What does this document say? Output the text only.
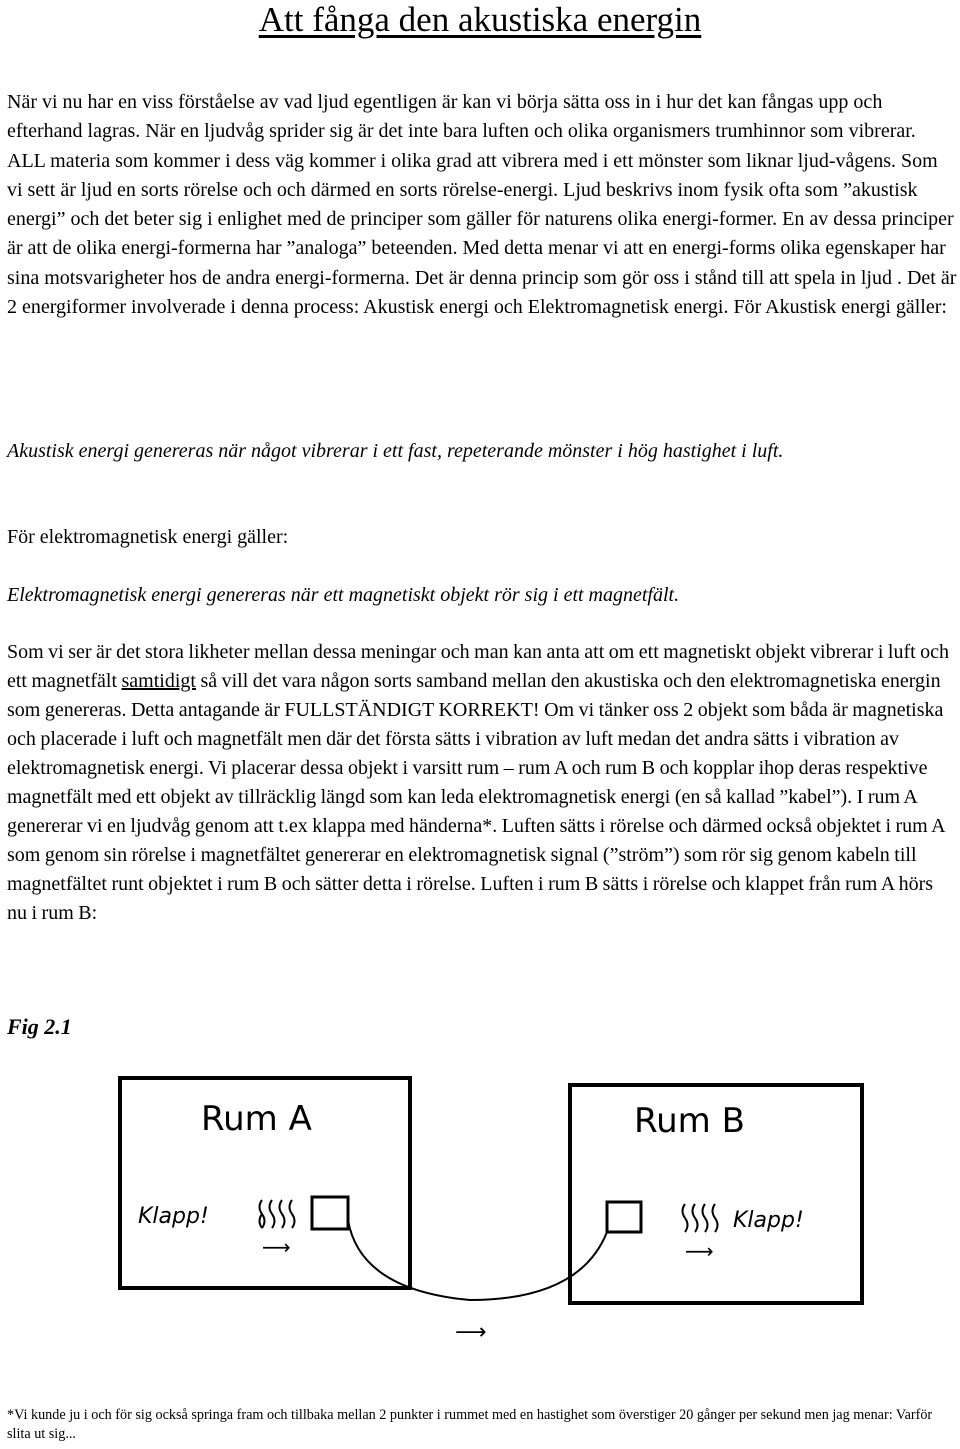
Att fånga den akustiska energin

När vi nu har en viss förståelse av vad ljud egentligen är kan vi börja sätta oss in i hur det kan fångas upp och efterhand lagras. När en ljudvåg sprider sig är det inte bara luften och olika organismers trumhinnor som vibrerar. ALL materia som kommer i dess väg kommer i olika grad att vibrera med i ett mönster som liknar ljud-vågens. Som vi sett är ljud en sorts rörelse och och därmed en sorts rörelse-energi. Ljud beskrivs inom fysik ofta som ”akustisk energi” och det beter sig i enlighet med de principer som gäller för naturens olika energi-former. En av dessa principer är att de olika energi-formerna har ”analoga” beteenden. Med detta menar vi att en energi-forms olika egenskaper har sina motsvarigheter hos de andra energi-formerna. Det är denna princip som gör oss i stånd till att spela in ljud . Det är 2 energiformer involverade i denna process: Akustisk energi och Elektromagnetisk energi. För Akustisk energi gäller:

Akustisk energi genereras när något vibrerar i ett fast, repeterande mönster i hög hastighet i luft.

För elektromagnetisk energi gäller:

Elektromagnetisk energi genereras när ett magnetiskt objekt rör sig i ett magnetfält.

Som vi ser är det stora likheter mellan dessa meningar och man kan anta att om ett magnetiskt objekt vibrerar i luft och ett magnetfält samtidigt så vill det vara någon sorts samband mellan den akustiska och den elektromagnetiska energin som genereras. Detta antagande är FULLSTÄNDIGT KORREKT! Om vi tänker oss 2 objekt som båda är magnetiska och placerade i luft och magnetfält men där det första sätts i vibration av luft medan det andra sätts i vibration av elektromagnetisk energi. Vi placerar dessa objekt i varsitt rum – rum A och rum B och kopplar ihop deras respektive magnetfält med ett objekt av tillräcklig längd som kan leda elektromagnetisk energi (en så kallad ”kabel”). I rum A genererar vi en ljudvåg genom att t.ex klappa med händerna*. Luften sätts i rörelse och därmed också objektet i rum A som genom sin rörelse i magnetfältet genererar en elektromagnetisk signal (”ström”) som rör sig genom kabeln till magnetfältet runt objektet i rum B och sätter detta i rörelse. Luften i rum B sätts i rörelse och klappet från rum A hörs nu i rum B:

Fig 2.1
Rum A
Klapp!
⟶
Rum B
Klapp!
⟶
⟶

*Vi kunde ju i och för sig också springa fram och tillbaka mellan 2 punkter i rummet med en hastighet som överstiger 20 gånger per sekund men jag menar: Varför slita ut sig...
